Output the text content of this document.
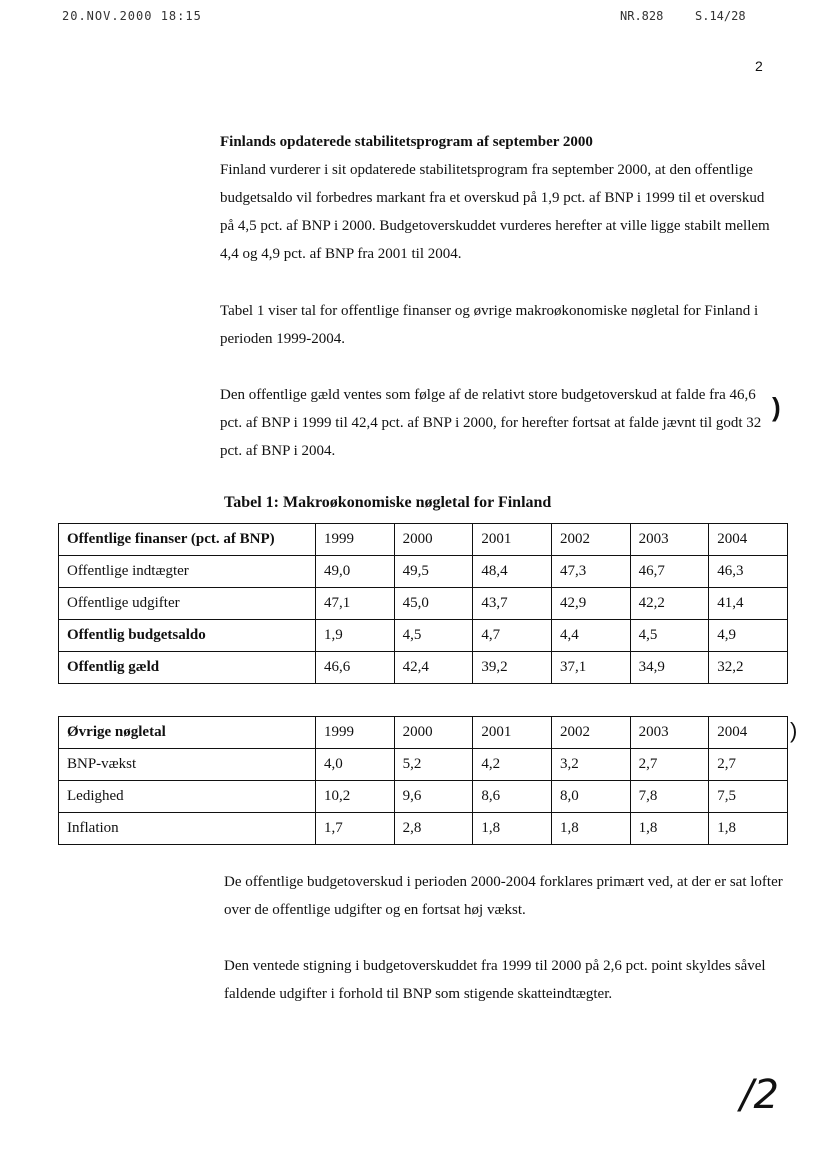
20.NOV.2000 18:15	NR.828	S.14/28
2

Finlands opdaterede stabilitetsprogram af september 2000

Finland vurderer i sit opdaterede stabilitetsprogram fra september 2000, at den offentlige budgetsaldo vil forbedres markant fra et overskud på 1,9 pct. af BNP i 1999 til et overskud på 4,5 pct. af BNP i 2000. Budgetoverskuddet vurderes herefter at ville ligge stabilt mellem 4,4 og 4,9 pct. af BNP fra 2001 til 2004.

Tabel 1 viser tal for offentlige finanser og øvrige makroøkonomiske nøgletal for Finland i perioden 1999-2004.

Den offentlige gæld ventes som følge af de relativt store budgetoverskud at falde fra 46,6 pct. af BNP i 1999 til 42,4 pct. af BNP i 2000, for herefter fortsat at falde jævnt til godt 32 pct. af BNP i 2004.

Tabel 1: Makroøkonomiske nøgletal for Finland
Offentlige finanser (pct. af BNP)	1999	2000	2001	2002	2003	2004
Offentlige indtægter	49,0	49,5	48,4	47,3	46,7	46,3
Offentlige udgifter	47,1	45,0	43,7	42,9	42,2	41,4
Offentlig budgetsaldo	1,9	4,5	4,7	4,4	4,5	4,9
Offentlig gæld	46,6	42,4	39,2	37,1	34,9	32,2
Øvrige nøgletal	1999	2000	2001	2002	2003	2004
BNP-vækst	4,0	5,2	4,2	3,2	2,7	2,7
Ledighed	10,2	9,6	8,6	8,0	7,8	7,5
Inflation	1,7	2,8	1,8	1,8	1,8	1,8

De offentlige budgetoverskud i perioden 2000-2004 forklares primært ved, at der er sat lofter over de offentlige udgifter og en fortsat høj vækst.

Den ventede stigning i budgetoverskuddet fra 1999 til 2000 på 2,6 pct. point skyldes såvel faldende udgifter i forhold til BNP som stigende skatteindtægter.

)
)
/2
